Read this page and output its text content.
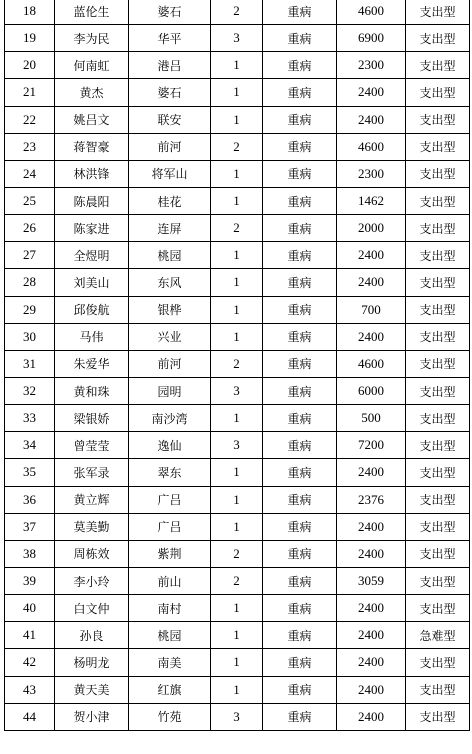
18	蓝伦生	婆石	2	重病	4600	支出型
19	李为民	华平	3	重病	6900	支出型
20	何南虹	港吕	1	重病	2300	支出型
21	黄杰	婆石	1	重病	2400	支出型
22	姚吕文	联安	1	重病	2400	支出型
23	蒋智豪	前河	2	重病	4600	支出型
24	林洪锋	将军山	1	重病	2300	支出型
25	陈晨阳	桂花	1	重病	1462	支出型
26	陈家进	连屏	2	重病	2000	支出型
27	全煜明	桃园	1	重病	2400	支出型
28	刘美山	东风	1	重病	2400	支出型
29	邱俊航	银桦	1	重病	700	支出型
30	马伟	兴业	1	重病	2400	支出型
31	朱爱华	前河	2	重病	4600	支出型
32	黄和珠	园明	3	重病	6000	支出型
33	梁银娇	南沙湾	1	重病	500	支出型
34	曾莹莹	逸仙	3	重病	7200	支出型
35	张军录	翠东	1	重病	2400	支出型
36	黄立辉	广吕	1	重病	2376	支出型
37	莫美勤	广吕	1	重病	2400	支出型
38	周栋效	紫荆	2	重病	2400	支出型
39	李小玲	前山	2	重病	3059	支出型
40	白文仲	南村	1	重病	2400	支出型
41	孙良	桃园	1	重病	2400	急难型
42	杨明龙	南美	1	重病	2400	支出型
43	黄天美	红旗	1	重病	2400	支出型
44	贺小津	竹苑	3	重病	2400	支出型
